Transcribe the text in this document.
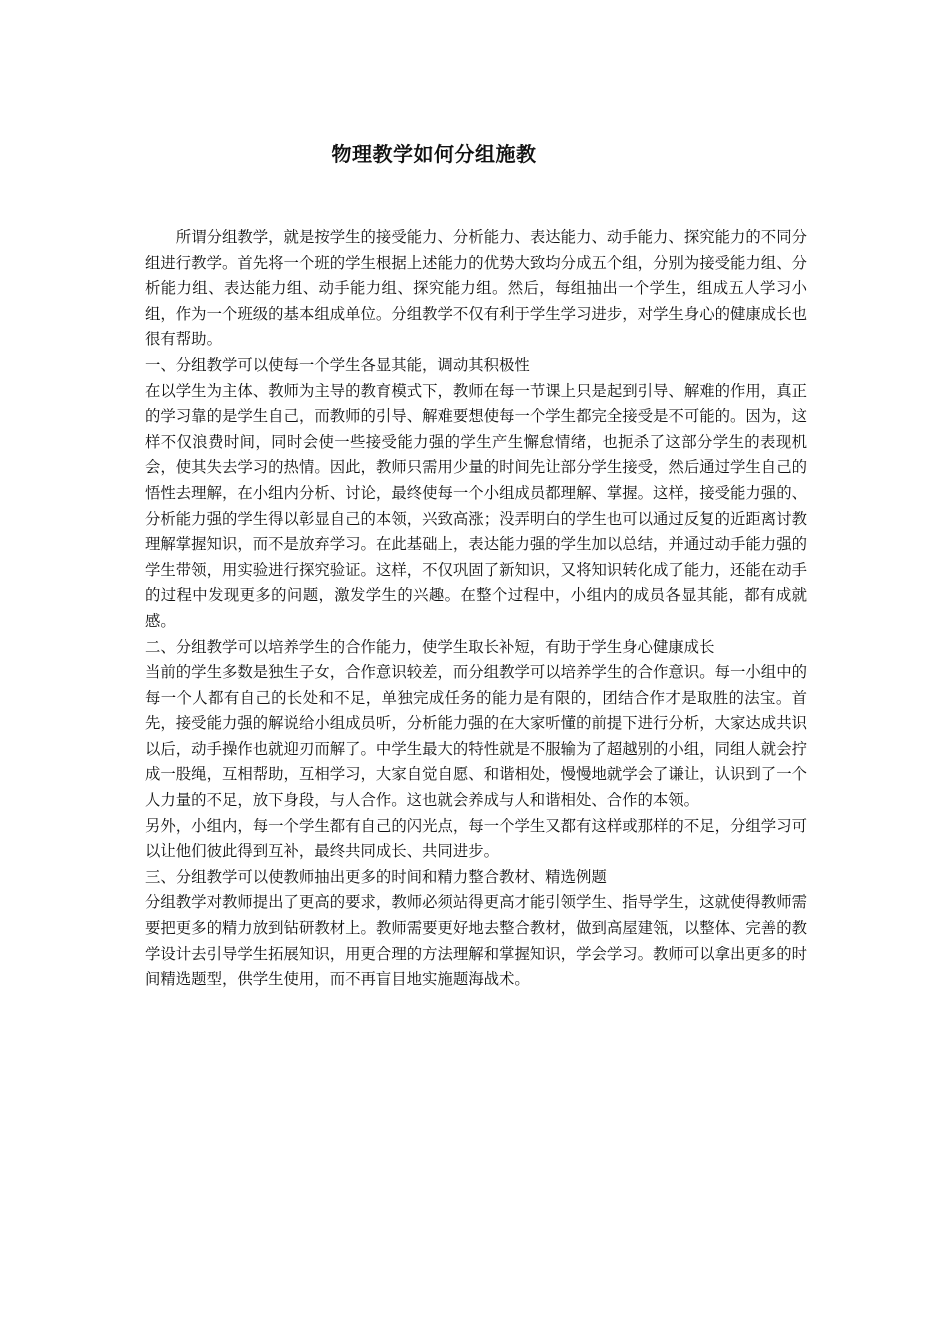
物理教学如何分组施教

所谓分组教学，就是按学生的接受能力、分析能力、表达能力、动手能力、探究能力的不同分组进行教学。首先将一个班的学生根据上述能力的优势大致均分成五个组，分别为接受能力组、分析能力组、表达能力组、动手能力组、探究能力组。然后，每组抽出一个学生，组成五人学习小组，作为一个班级的基本组成单位。分组教学不仅有利于学生学习进步，对学生身心的健康成长也很有帮助。

一、分组教学可以使每一个学生各显其能，调动其积极性

在以学生为主体、教师为主导的教育模式下，教师在每一节课上只是起到引导、解难的作用，真正的学习靠的是学生自己，而教师的引导、解难要想使每一个学生都完全接受是不可能的。因为，这样不仅浪费时间，同时会使一些接受能力强的学生产生懈怠情绪，也扼杀了这部分学生的表现机会，使其失去学习的热情。因此，教师只需用少量的时间先让部分学生接受，然后通过学生自己的悟性去理解，在小组内分析、讨论，最终使每一个小组成员都理解、掌握。这样，接受能力强的、分析能力强的学生得以彰显自己的本领，兴致高涨；没弄明白的学生也可以通过反复的近距离讨教理解掌握知识，而不是放弃学习。在此基础上，表达能力强的学生加以总结，并通过动手能力强的学生带领，用实验进行探究验证。这样，不仅巩固了新知识，又将知识转化成了能力，还能在动手的过程中发现更多的问题，激发学生的兴趣。在整个过程中，小组内的成员各显其能，都有成就感。

二、分组教学可以培养学生的合作能力，使学生取长补短，有助于学生身心健康成长

当前的学生多数是独生子女，合作意识较差，而分组教学可以培养学生的合作意识。每一小组中的每一个人都有自己的长处和不足，单独完成任务的能力是有限的，团结合作才是取胜的法宝。首先，接受能力强的解说给小组成员听，分析能力强的在大家听懂的前提下进行分析，大家达成共识以后，动手操作也就迎刃而解了。中学生最大的特性就是不服输为了超越别的小组，同组人就会拧成一股绳，互相帮助，互相学习，大家自觉自愿、和谐相处，慢慢地就学会了谦让，认识到了一个人力量的不足，放下身段，与人合作。这也就会养成与人和谐相处、合作的本领。

另外，小组内，每一个学生都有自己的闪光点，每一个学生又都有这样或那样的不足，分组学习可以让他们彼此得到互补，最终共同成长、共同进步。

三、分组教学可以使教师抽出更多的时间和精力整合教材、精选例题

分组教学对教师提出了更高的要求，教师必须站得更高才能引领学生、指导学生，这就使得教师需要把更多的精力放到钻研教材上。教师需要更好地去整合教材，做到高屋建瓴，以整体、完善的教学设计去引导学生拓展知识，用更合理的方法理解和掌握知识，学会学习。教师可以拿出更多的时间精选题型，供学生使用，而不再盲目地实施题海战术。
